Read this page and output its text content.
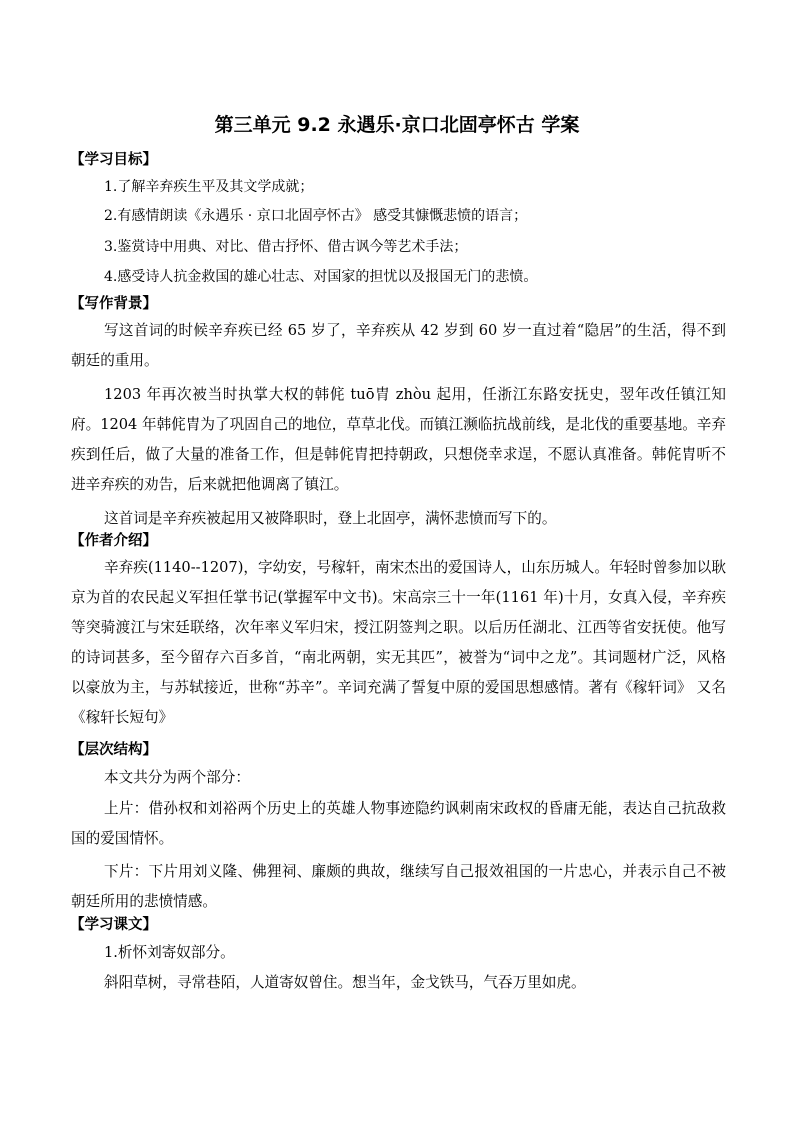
第三单元 9.2 永遇乐·京口北固亭怀古 学案
【学习目标】
1.了解辛弃疾生平及其文学成就；
2.有感情朗读《永遇乐 · 京口北固亭怀古》 感受其慷慨悲愤的语言；
3.鉴赏诗中用典、对比、借古抒怀、借古讽今等艺术手法；
4.感受诗人抗金救国的雄心壮志、对国家的担忧以及报国无门的悲愤。
【写作背景】
写这首词的时候辛弃疾已经 65 岁了，辛弃疾从 42 岁到 60 岁一直过着“隐居”的生活，得不到朝廷的重用。
1203 年再次被当时执掌大权的韩侂 tuō胄 zhòu 起用，任浙江东路安抚史，翌年改任镇江知府。1204 年韩侂胄为了巩固自己的地位，草草北伐。而镇江濒临抗战前线，是北伐的重要基地。辛弃疾到任后，做了大量的准备工作，但是韩侂胄把持朝政，只想侥幸求逞，不愿认真准备。韩侂胄听不进辛弃疾的劝告，后来就把他调离了镇江。
这首词是辛弃疾被起用又被降职时，登上北固亭，满怀悲愤而写下的。
【作者介绍】
辛弃疾(1140--1207)，字幼安，号稼轩，南宋杰出的爱国诗人，山东历城人。年轻时曾参加以耿京为首的农民起义军担任掌书记(掌握军中文书)。宋高宗三十一年(1161 年)十月，女真入侵，辛弃疾等突骑渡江与宋廷联络，次年率义军归宋，授江阴签判之职。以后历任湖北、江西等省安抚使。他写的诗词甚多，至今留存六百多首，“南北两朝，实无其匹”，被誉为“词中之龙”。其词题材广泛，风格以豪放为主，与苏轼接近，世称“苏辛”。辛词充满了誓复中原的爱国思想感情。著有《稼轩词》 又名《稼轩长短句》
【层次结构】
本文共分为两个部分：
上片：借孙权和刘裕两个历史上的英雄人物事迹隐约讽刺南宋政权的昏庸无能，表达自己抗敌救国的爱国情怀。
下片：下片用刘义隆、佛狸祠、廉颇的典故，继续写自己报效祖国的一片忠心，并表示自己不被朝廷所用的悲愤情感。
【学习课文】
1.析怀刘寄奴部分。
斜阳草树，寻常巷陌，人道寄奴曾住。想当年，金戈铁马，气吞万里如虎。
